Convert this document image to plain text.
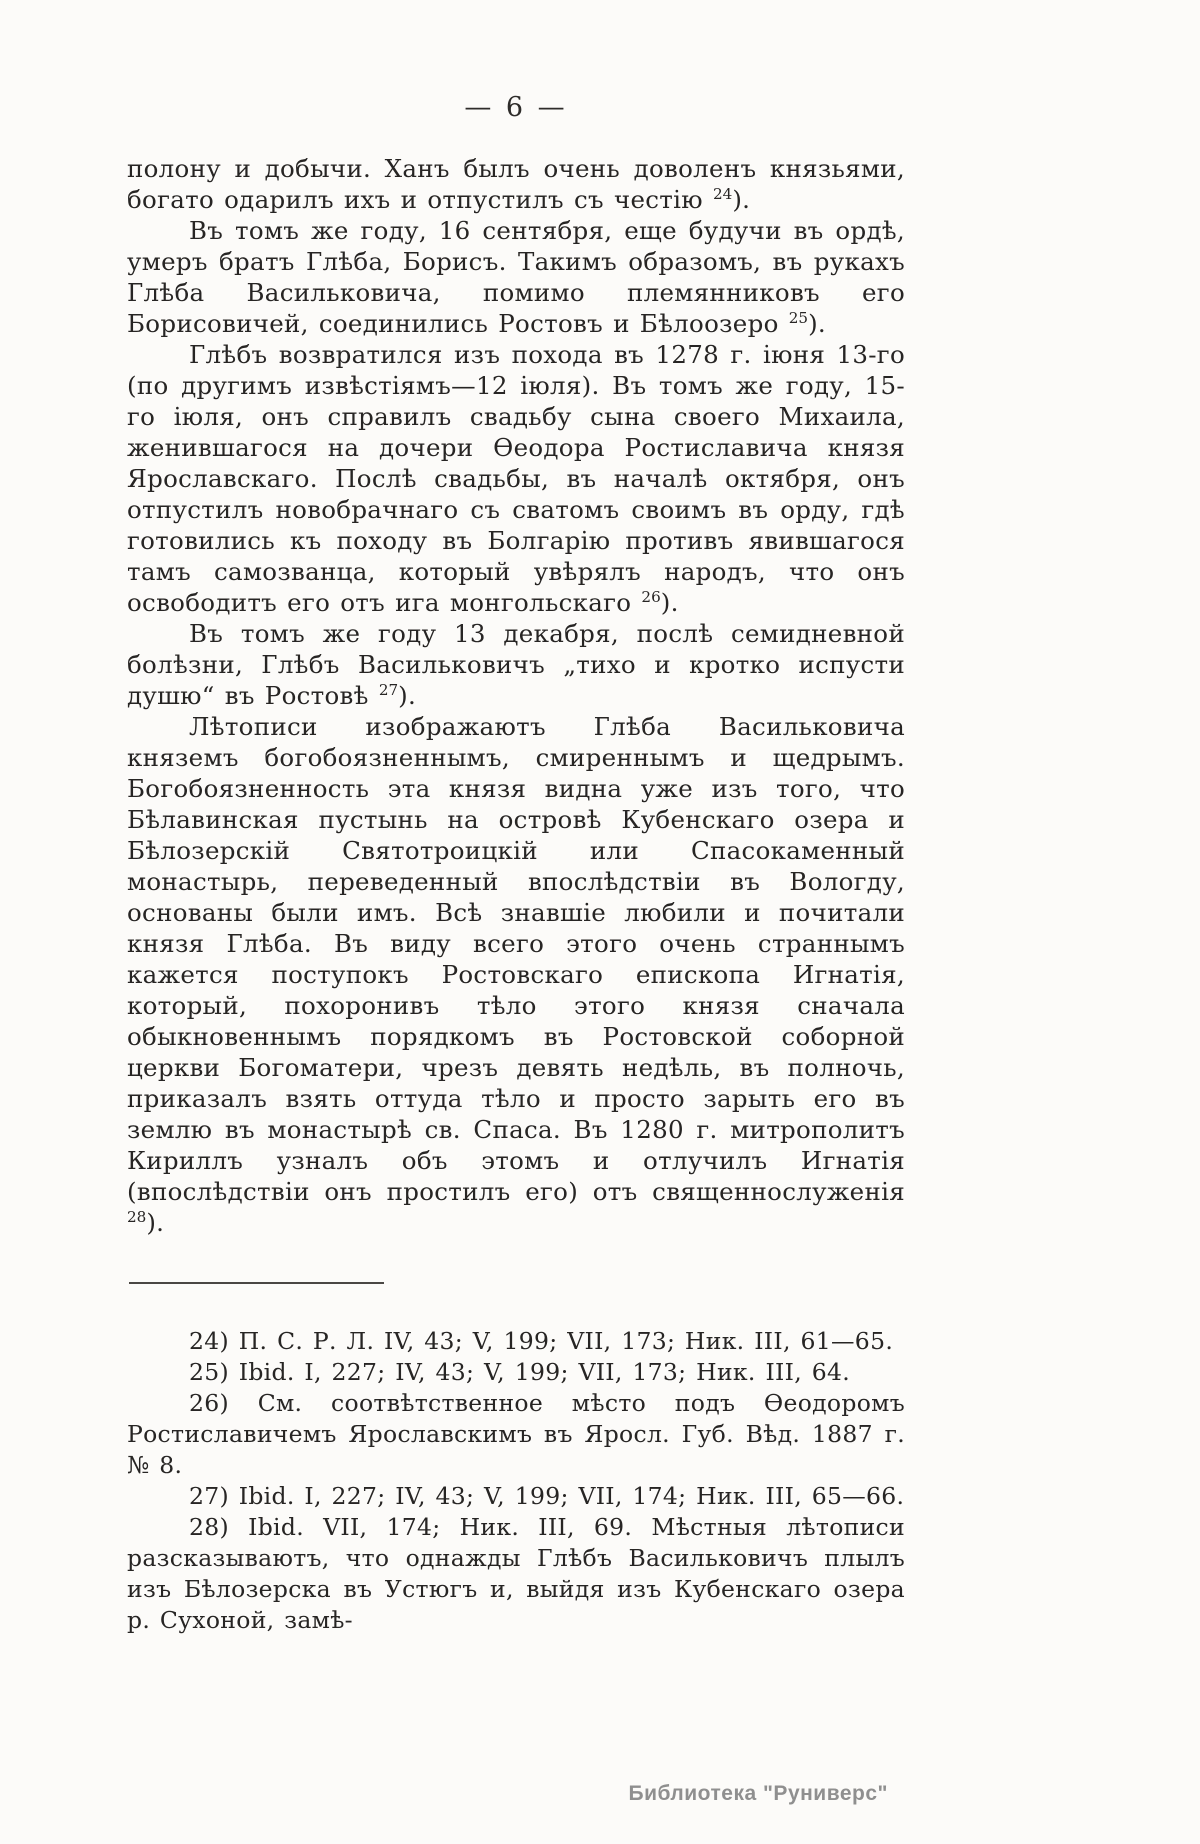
— 6 —

полону и добычи. Ханъ былъ очень доволенъ князьями, богато одарилъ ихъ и отпустилъ съ честію $^{24}$).

Въ томъ же году, 16 сентября, еще будучи въ ордѣ, умеръ братъ Глѣба, Борисъ. Такимъ образомъ, въ рукахъ Глѣба Васильковича, помимо племянниковъ его Борисовичей, соединились Ростовъ и Бѣлоозеро $^{25}$).

Глѣбъ возвратился изъ похода въ 1278 г. іюня 13-го (по другимъ извѣстіямъ—12 іюля). Въ томъ же году, 15-го іюля, онъ справилъ свадьбу сына своего Михаила, женившагося на дочери Ѳеодора Ростиславича князя Ярославскаго. Послѣ свадьбы, въ началѣ октября, онъ отпустилъ новобрачнаго съ сватомъ своимъ въ орду, гдѣ готовились къ походу въ Болгарію противъ явившагося тамъ самозванца, который увѣрялъ народъ, что онъ освободитъ его отъ ига монгольскаго $^{26}$).

Въ томъ же году 13 декабря, послѣ семидневной болѣзни, Глѣбъ Васильковичъ „тихо и кротко испусти душю“ въ Ростовѣ $^{27}$).

Лѣтописи изображаютъ Глѣба Васильковича княземъ богобоязненнымъ, смиреннымъ и щедрымъ. Богобоязненность эта князя видна уже изъ того, что Бѣлавинская пустынь на островѣ Кубенскаго озера и Бѣлозерскій Святотроицкій или Спасокаменный монастырь, переведенный впослѣдствіи въ Вологду, основаны были имъ. Всѣ знавшіе любили и почитали князя Глѣба. Въ виду всего этого очень страннымъ кажется поступокъ Ростовскаго епископа Игнатія, который, похоронивъ тѣло этого князя сначала обыкновеннымъ порядкомъ въ Ростовской соборной церкви Богоматери, чрезъ девять недѣль, въ полночь, приказалъ взять оттуда тѣло и просто зарыть его въ землю въ монастырѣ св. Спаса. Въ 1280 г. митрополитъ Кириллъ узналъ объ этомъ и отлучилъ Игнатія (впослѣдствіи онъ простилъ его) отъ священнослуженія $^{28}$).

24) П. С. Р. Л. IV, 43; V, 199; VII, 173; Ник. III, 61—65.

25) Ibid. I, 227; IV, 43; V, 199; VII, 173; Ник. III, 64.

26) См. соотвѣтственное мѣсто подъ Ѳеодоромъ Ростиславичемъ Ярославскимъ въ Яросл. Губ. Вѣд. 1887 г. № 8.

27) Ibid. I, 227; IV, 43; V, 199; VII, 174; Ник. III, 65—66.

28) Ibid. VII, 174; Ник. III, 69. Мѣстныя лѣтописи разсказываютъ, что однажды Глѣбъ Васильковичъ плылъ изъ Бѣлозерска въ Устюгъ и, выйдя изъ Кубенскаго озера р. Сухоной, замѣ-

Библиотека "Руниверс"
